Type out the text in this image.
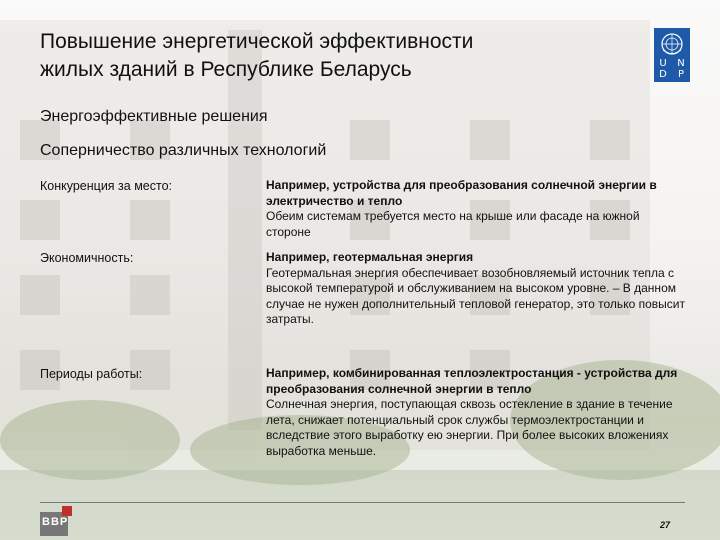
Повышение энергетической эффективности
жилых зданий в Республике Беларусь	U	N
D	P
Энергоэффективные решения
Соперничество различных технологий
Конкуренция за место:	Например, устройства для преобразования солнечной энергии в электричество и тепло
Обеим системам требуется место на крыше или фасаде на южной стороне
Экономичность:	Например, геотермальная энергия
Геотермальная энергия обеспечивает возобновляемый источник тепла с высокой температурой и обслуживанием на высоком уровне. – В данном случае не нужен дополнительный тепловой генератор, это только повысит затраты.
Периоды работы:	Например, комбинированная теплоэлектростанция - устройства для преобразования солнечной энергии в тепло
Солнечная энергия, поступающая сквозь остекление в здание в течение лета, снижает потенциальный срок службы термоэлектростанции и вследствие этого выработку ею энергии. При более высоких вложениях выработка меньше.
BBP	27
